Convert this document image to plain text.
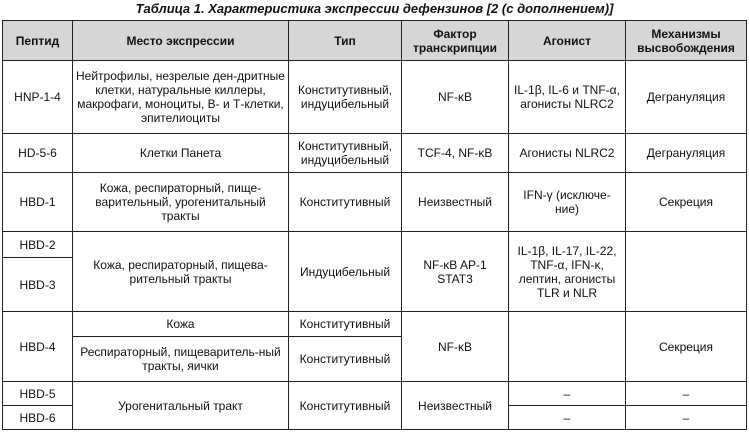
Таблица 1. Характеристика экспрессии дефензинов [2 (с дополнением)]
Пептид	Место экспрессии	Тип	Фактор транскрипции	Агонист	Механизмы высвобождения
HNP-1-4	Нейтрофилы, незрелые ден-дритные клетки, натуральные киллеры, макрофаги, моноциты, В- и Т-клетки, эпителиоциты	Конститутивный, индуцибельный	NF-κB	IL-1β, IL-6 и TNF-α, агонисты NLRC2	Дегрануляция
HD-5-6	Клетки Панета	Конститутивный, индуцибельный	TCF-4, NF-κB	Агонисты NLRC2	Дегрануляция
HBD-1	Кожа, респираторный, пище-варительный, урогенитальный тракты	Конститутивный	Неизвестный	IFN-γ (исключе-ние)	Секреция
HBD-2	Кожа, респираторный, пищева-рительный тракты	Индуцибельный	NF-κB AP-1 STAT3	IL-1β, IL-17, IL-22, TNF-α, IFN-κ, лептин, агонисты TLR и NLR	
HBD-3					
HBD-4	Кожа	Конститутивный	NF-κB		Секреция
	Респираторный, пищеваритель-ный тракты, яички	Конститутивный			
HBD-5	Урогенитальный тракт	Конститутивный	Неизвестный	–	–
HBD-6				–	–
